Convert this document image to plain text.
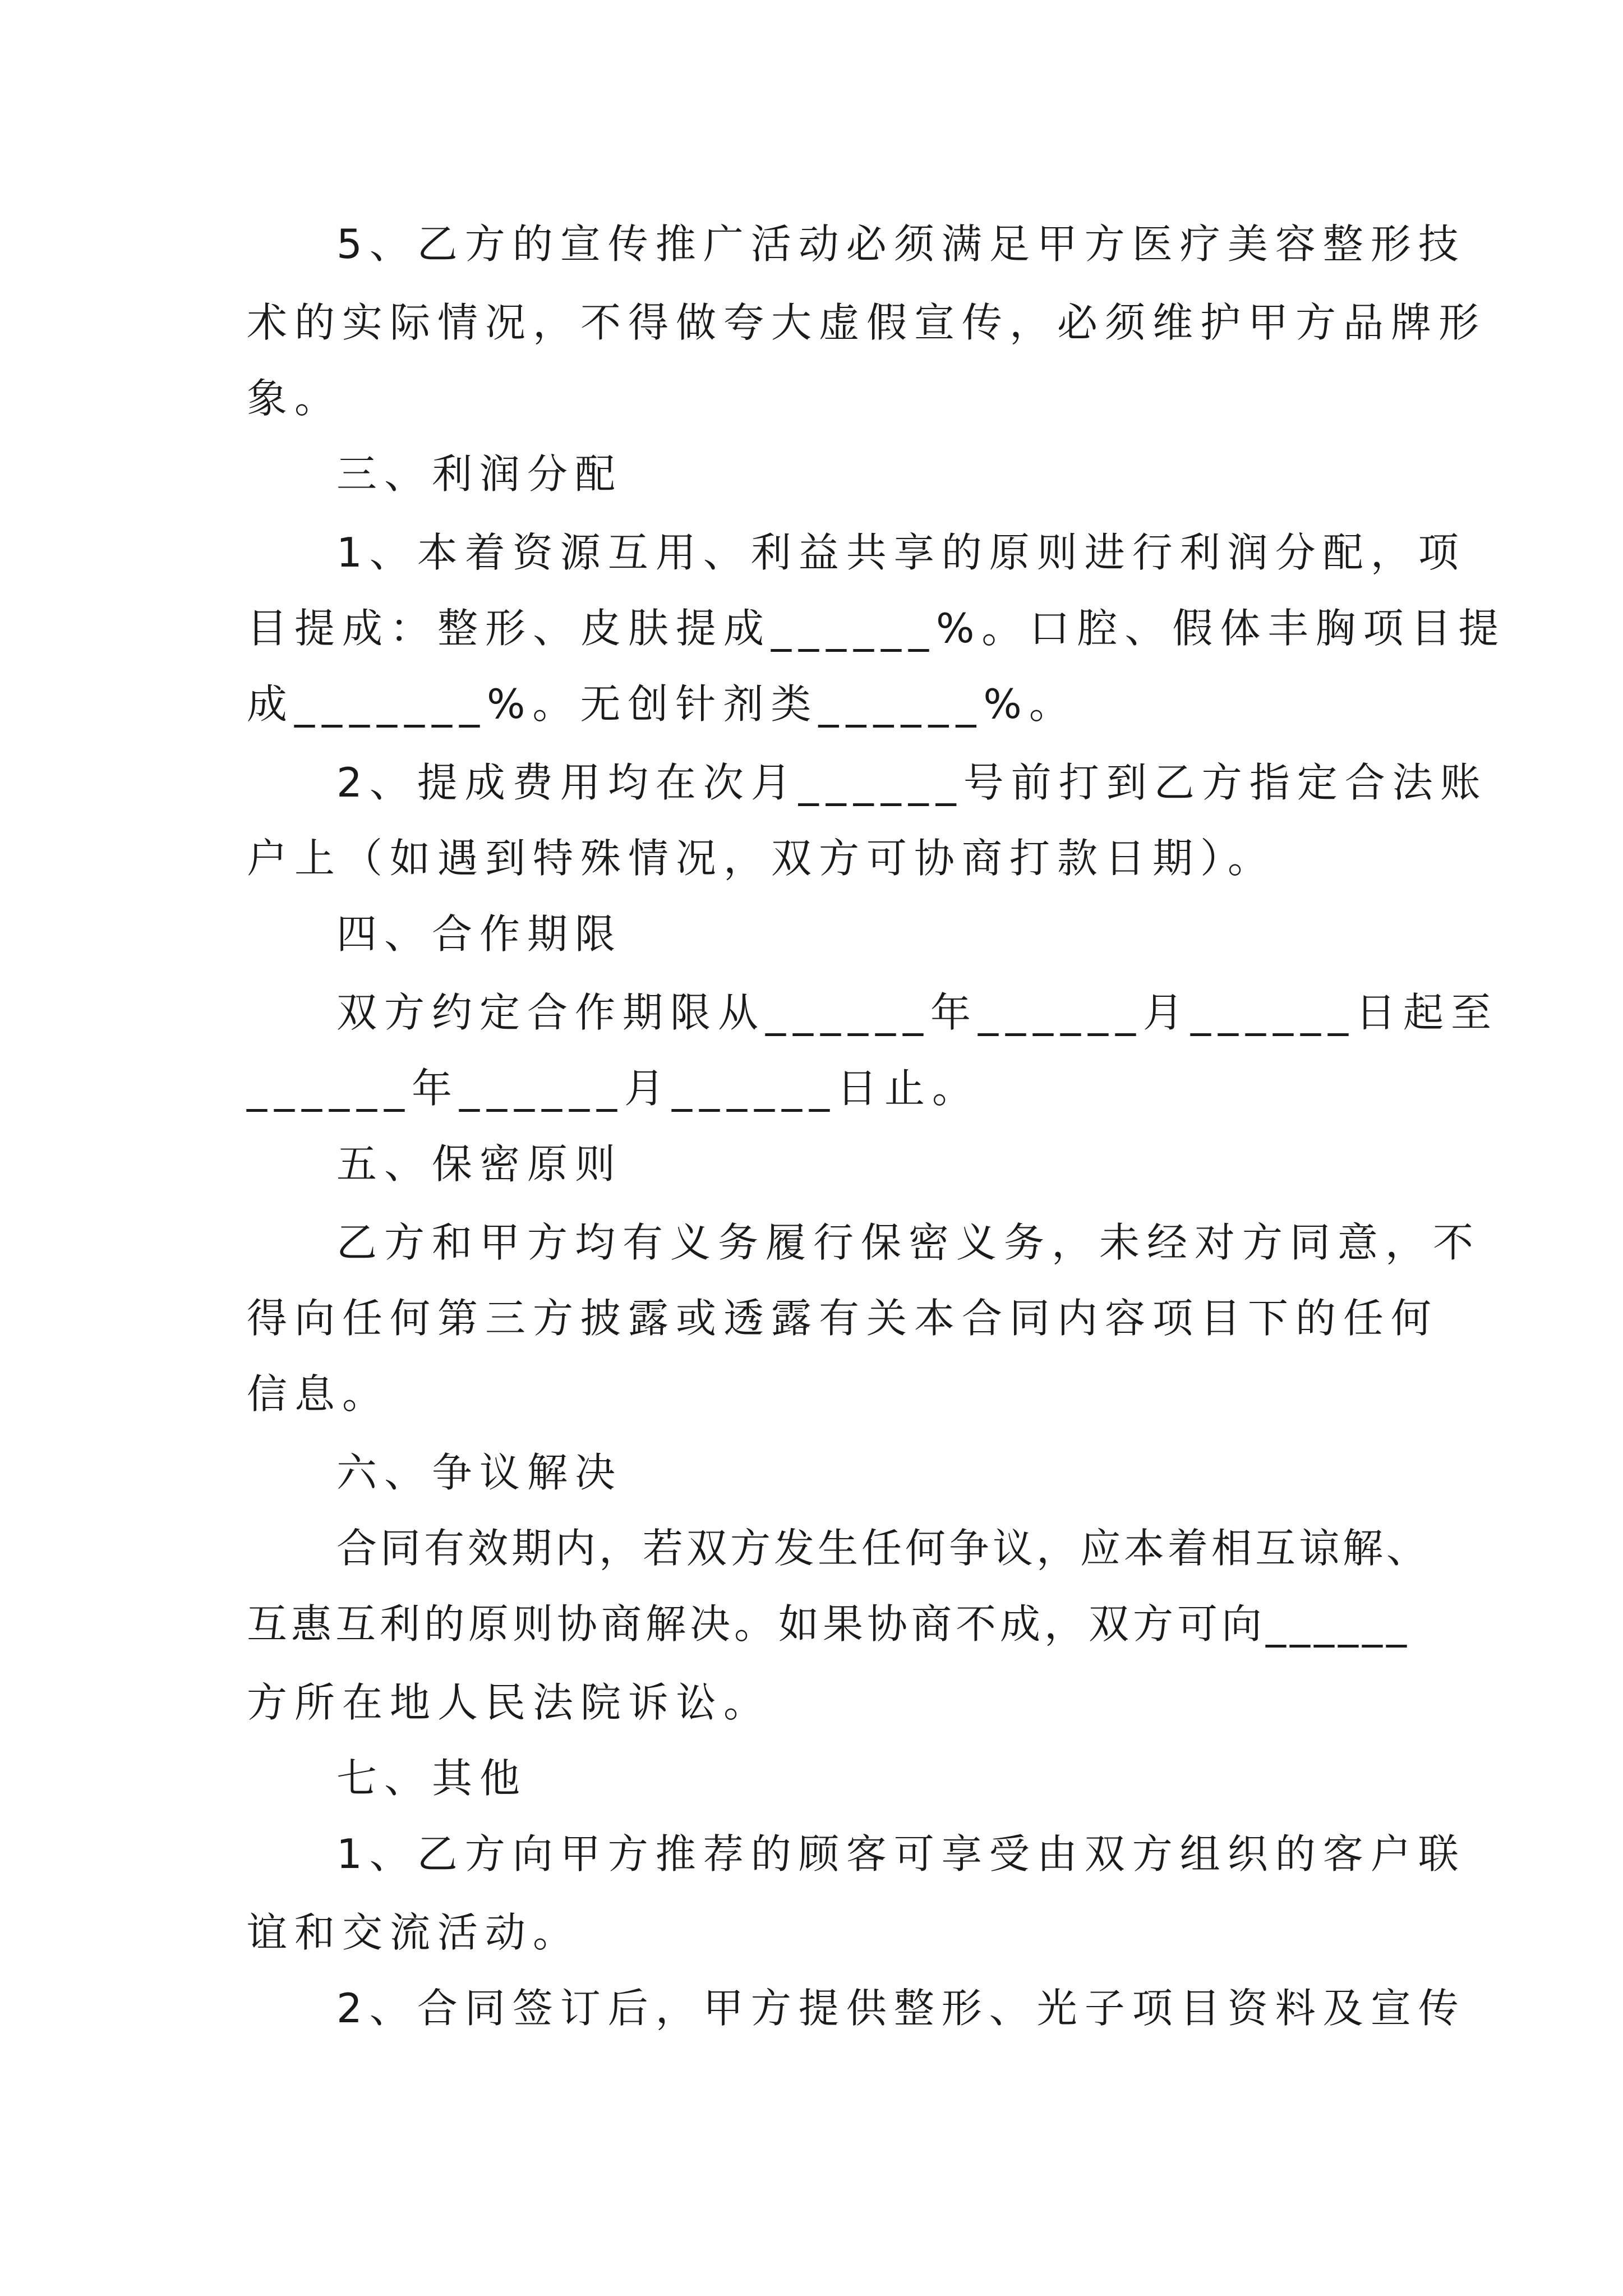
5、乙方的宣传推广活动必须满足甲方医疗美容整形技
术的实际情况，不得做夸大虚假宣传，必须维护甲方品牌形
象。
三、利润分配
1、本着资源互用、利益共享的原则进行利润分配，项
目提成：整形、皮肤提成______%。口腔、假体丰胸项目提
成_______%。无创针剂类______%。
2、提成费用均在次月______号前打到乙方指定合法账
户上（如遇到特殊情况，双方可协商打款日期）。
四、合作期限
双方约定合作期限从______年______月______日起至
______年______月______日止。
五、保密原则
乙方和甲方均有义务履行保密义务，未经对方同意，不
得向任何第三方披露或透露有关本合同内容项目下的任何
信息。
六、争议解决
合同有效期内，若双方发生任何争议，应本着相互谅解、
互惠互利的原则协商解决。如果协商不成，双方可向______
方所在地人民法院诉讼。
七、其他
1、乙方向甲方推荐的顾客可享受由双方组织的客户联
谊和交流活动。
2、合同签订后，甲方提供整形、光子项目资料及宣传
